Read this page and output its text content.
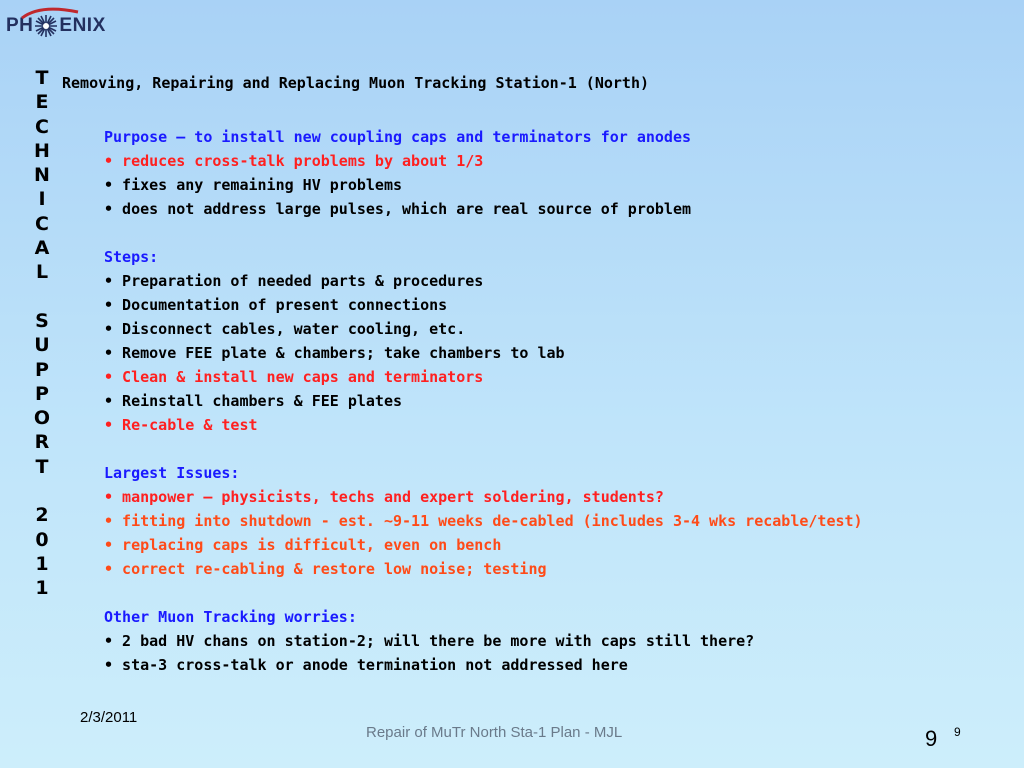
PH ENIX
T
E
C
H
N
I
C
A
L
S
U
P
P
O
R
T
2
0
1
1
Removing, Repairing and Replacing Muon Tracking Station-1 (North)
Purpose – to install new coupling caps and terminators for anodes
• reduces cross-talk problems by about 1/3
• fixes any remaining HV problems
• does not address large pulses, which are real source of problem
Steps:
• Preparation of needed parts & procedures
• Documentation of present connections
• Disconnect cables, water cooling, etc.
• Remove FEE plate & chambers; take chambers to lab
• Clean & install new caps and terminators
• Reinstall chambers & FEE plates
• Re-cable & test
Largest Issues:
• manpower – physicists, techs and expert soldering, students?
• fitting into shutdown - est. ~9-11 weeks de-cabled (includes 3-4 wks recable/test)
• replacing caps is difficult, even on bench
• correct re-cabling & restore low noise; testing
Other Muon Tracking worries:
• 2 bad HV chans on station-2; will there be more with caps still there?
• sta-3 cross-talk or anode termination not addressed here
2/3/2011
Repair of MuTr North Sta-1 Plan - MJL	9 9
